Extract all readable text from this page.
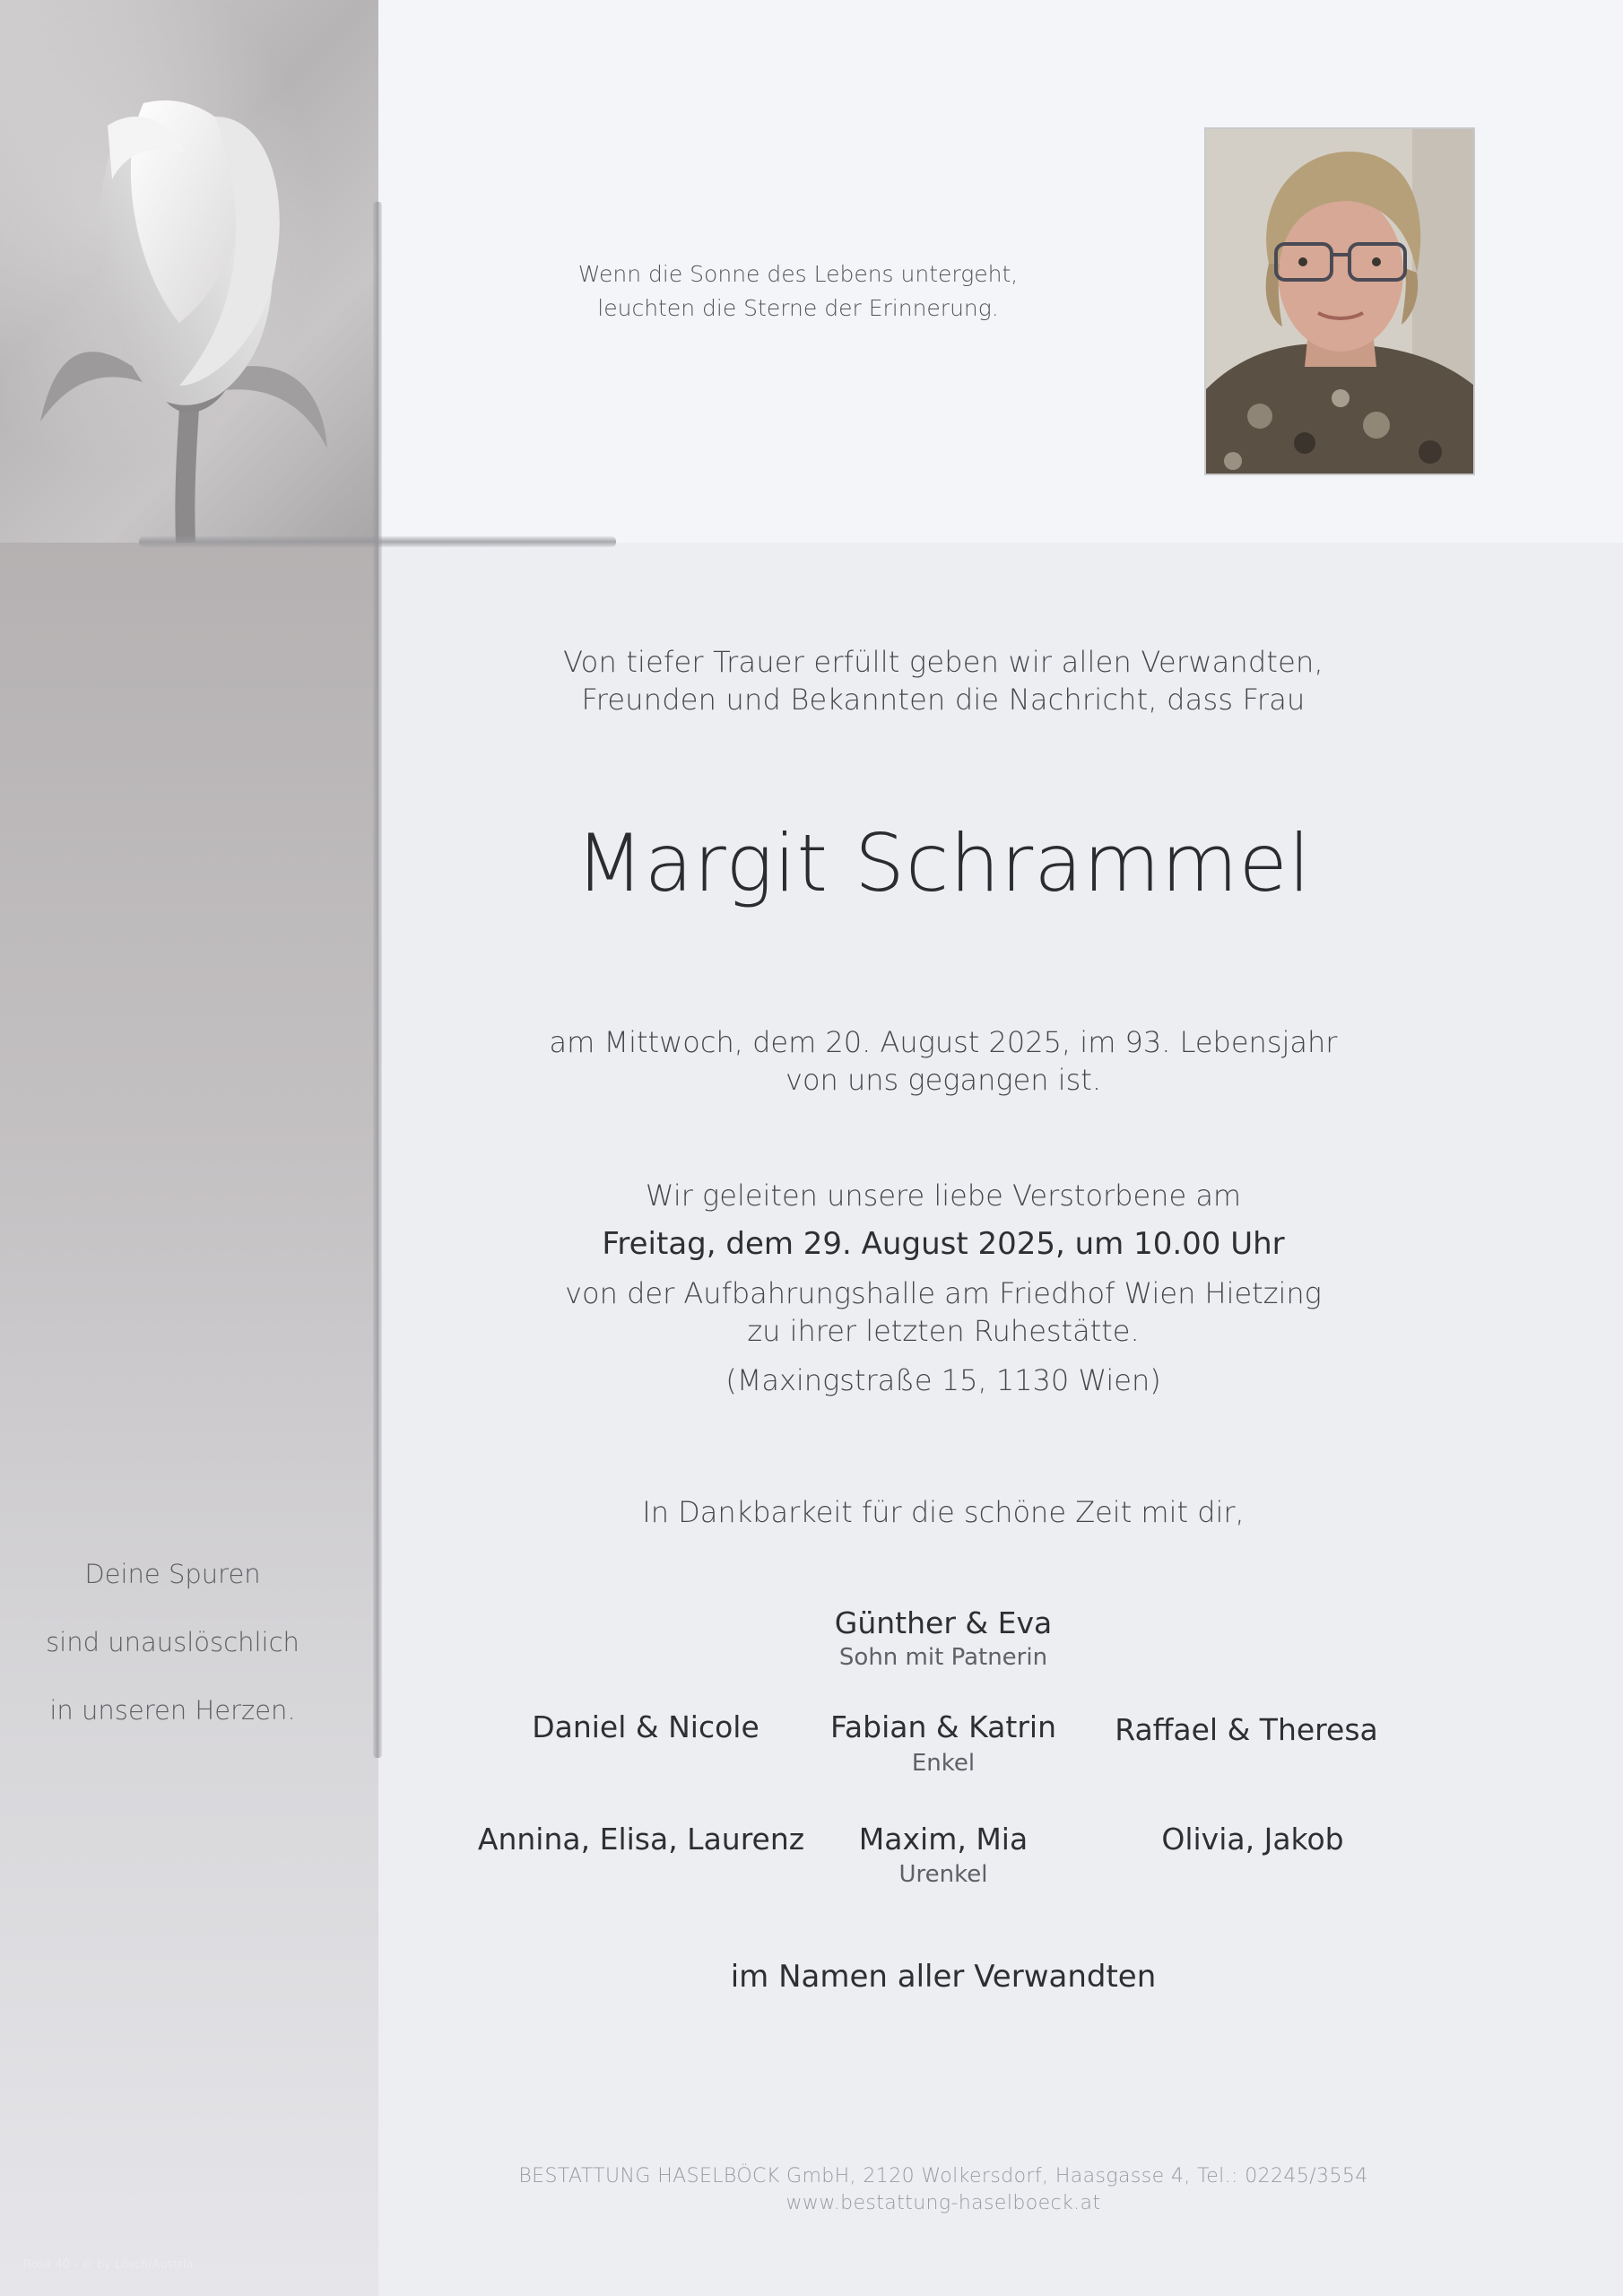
Wenn die Sonne des Lebens untergeht,
leuchten die Sterne der Erinnerung.
Von tiefer Trauer erfüllt geben wir allen Verwandten,
Freunden und Bekannten die Nachricht, dass Frau
Margit Schrammel
am Mittwoch, dem 20. August 2025, im 93. Lebensjahr
von uns gegangen ist.
Wir geleiten unsere liebe Verstorbene am
Freitag, dem 29. August 2025, um 10.00 Uhr
von der Aufbahrungshalle am Friedhof Wien Hietzing
zu ihrer letzten Ruhestätte.
(Maxingstraße 15, 1130 Wien)
In Dankbarkeit für die schöne Zeit mit dir,
Günther & Eva
Sohn mit Patnerin
Daniel & Nicole	Fabian & Katrin	Raffael & Theresa
Enkel
Annina, Elisa, Laurenz	Maxim, Mia	Olivia, Jakob
Urenkel
im Namen aller Verwandten
Deine Spuren
sind unauslöschlich
in unseren Herzen.
BESTATTUNG HASELBÖCK GmbH, 2120 Wolkersdorf, Haasgasse 4, Tel.: 02245/3554
www.bestattung-haselboeck.at
Rose 40 - © by Lösch/Austria
